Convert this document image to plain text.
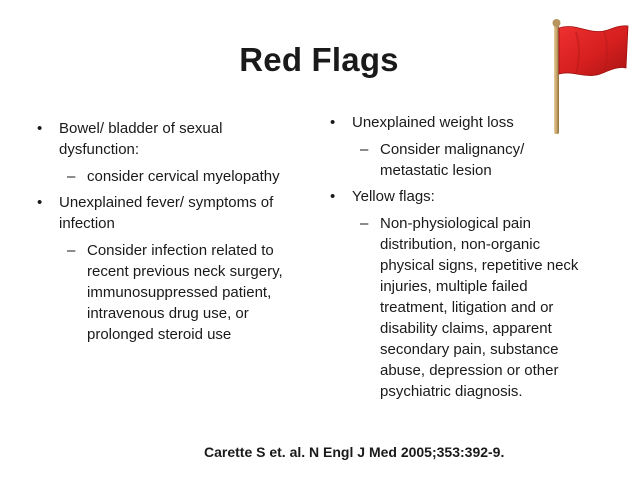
Red Flags
• Bowel/ bladder of sexual dysfunction:
– consider cervical myelopathy
• Unexplained fever/ symptoms of infection
– Consider infection related to recent previous neck surgery, immunosuppressed patient, intravenous drug use, or prolonged steroid use
• Unexplained weight loss
– Consider malignancy/ metastatic lesion
• Yellow flags:
– Non-physiological pain distribution, non-organic physical signs, repetitive neck injuries, multiple failed treatment, litigation and or disability claims, apparent secondary pain, substance abuse, depression or other psychiatric diagnosis.
Carette S et. al. N Engl J Med 2005;353:392-9.
